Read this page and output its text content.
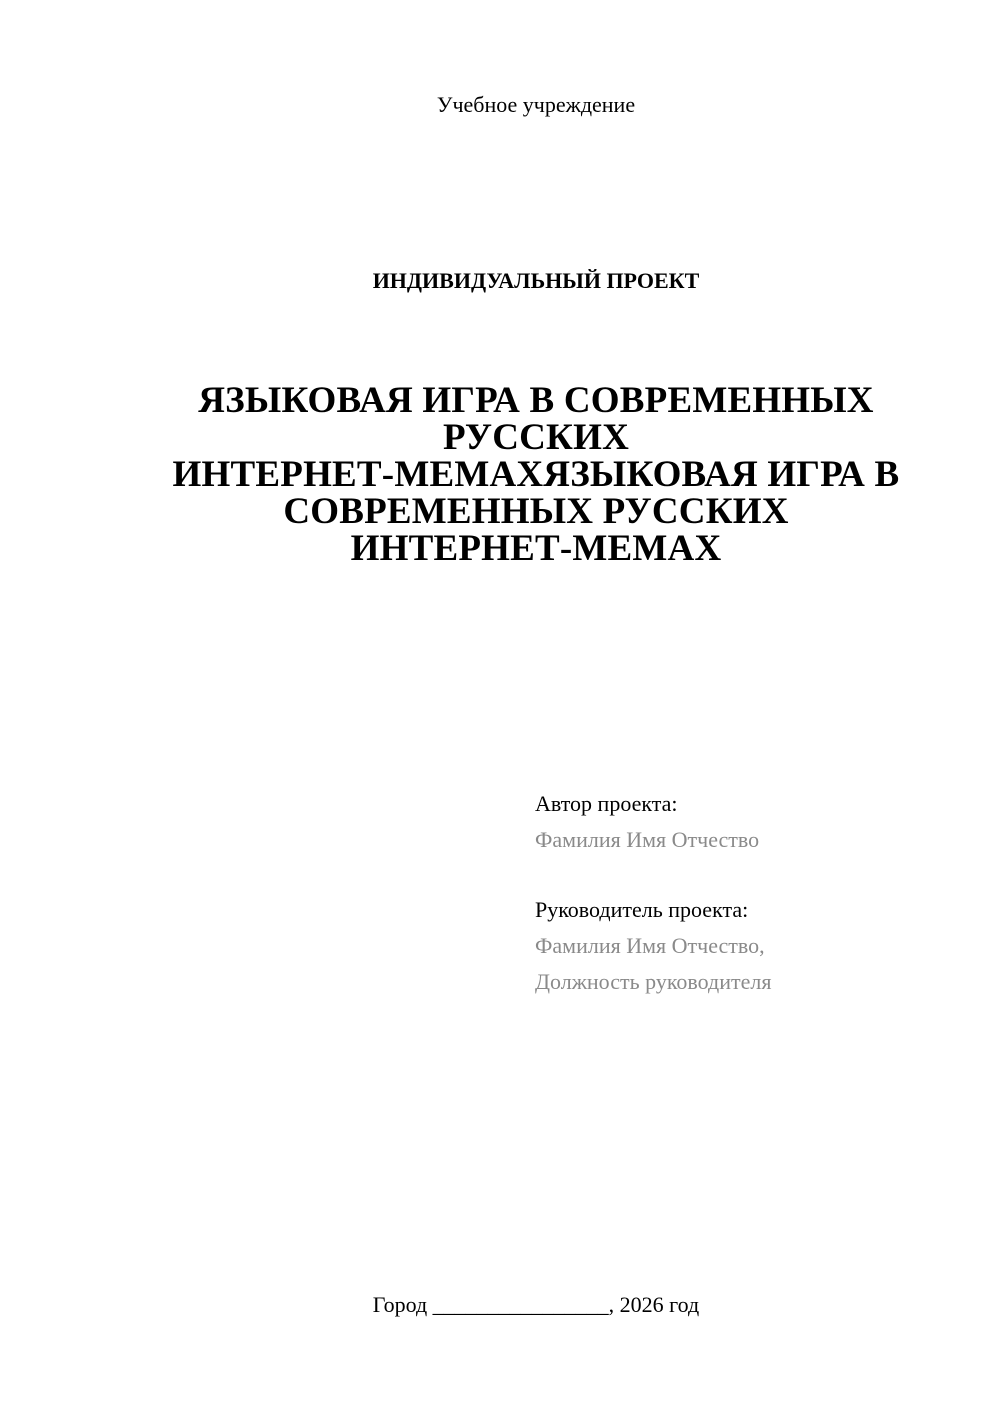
Учебное учреждение
ИНДИВИДУАЛЬНЫЙ ПРОЕКТ
ЯЗЫКОВАЯ ИГРА В СОВРЕМЕННЫХ
РУССКИХ
ИНТЕРНЕТ-МЕМАХЯЗЫКОВАЯ ИГРА В
СОВРЕМЕННЫХ РУССКИХ
ИНТЕРНЕТ-МЕМАХ
Автор проекта:
Фамилия Имя Отчество
Руководитель проекта:
Фамилия Имя Отчество,
Должность руководителя
Город ________________, 2026 год
